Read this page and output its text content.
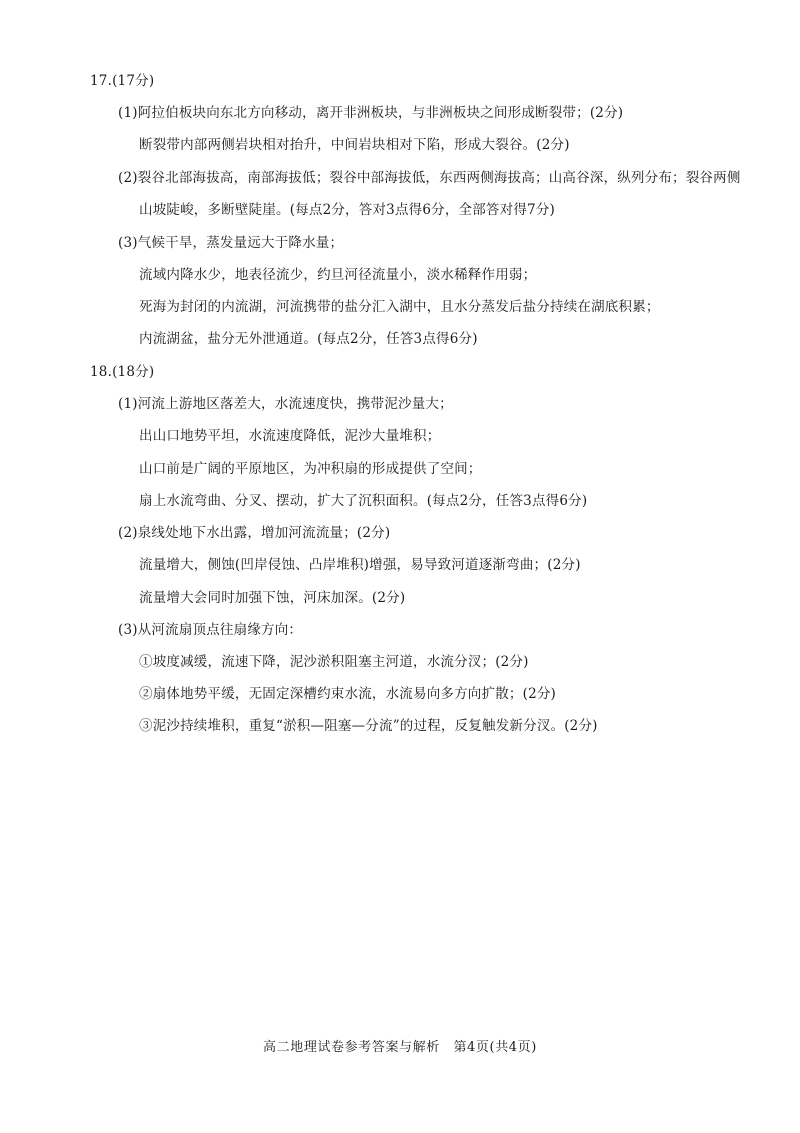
17.(17分)
(1)阿拉伯板块向东北方向移动，离开非洲板块，与非洲板块之间形成断裂带；(2分)
断裂带内部两侧岩块相对抬升，中间岩块相对下陷，形成大裂谷。(2分)
(2)裂谷北部海拔高，南部海拔低；裂谷中部海拔低，东西两侧海拔高；山高谷深，纵列分布；裂谷两侧
山坡陡峻，多断壁陡崖。(每点2分，答对3点得6分，全部答对得7分)
(3)气候干旱，蒸发量远大于降水量；
流域内降水少，地表径流少，约旦河径流量小，淡水稀释作用弱；
死海为封闭的内流湖，河流携带的盐分汇入湖中，且水分蒸发后盐分持续在湖底积累；
内流湖盆，盐分无外泄通道。(每点2分，任答3点得6分)
18.(18分)
(1)河流上游地区落差大，水流速度快，携带泥沙量大；
出山口地势平坦，水流速度降低，泥沙大量堆积；
山口前是广阔的平原地区，为冲积扇的形成提供了空间；
扇上水流弯曲、分叉、摆动，扩大了沉积面积。(每点2分，任答3点得6分)
(2)泉线处地下水出露，增加河流流量；(2分)
流量增大，侧蚀(凹岸侵蚀、凸岸堆积)增强，易导致河道逐渐弯曲；(2分)
流量增大会同时加强下蚀，河床加深。(2分)
(3)从河流扇顶点往扇缘方向：
①坡度减缓，流速下降，泥沙淤积阻塞主河道，水流分汊；(2分)
②扇体地势平缓，无固定深槽约束水流，水流易向多方向扩散；(2分)
③泥沙持续堆积，重复“淤积—阻塞—分流”的过程，反复触发新分汊。(2分)
高二地理试卷参考答案与解析　第4页(共4页)
